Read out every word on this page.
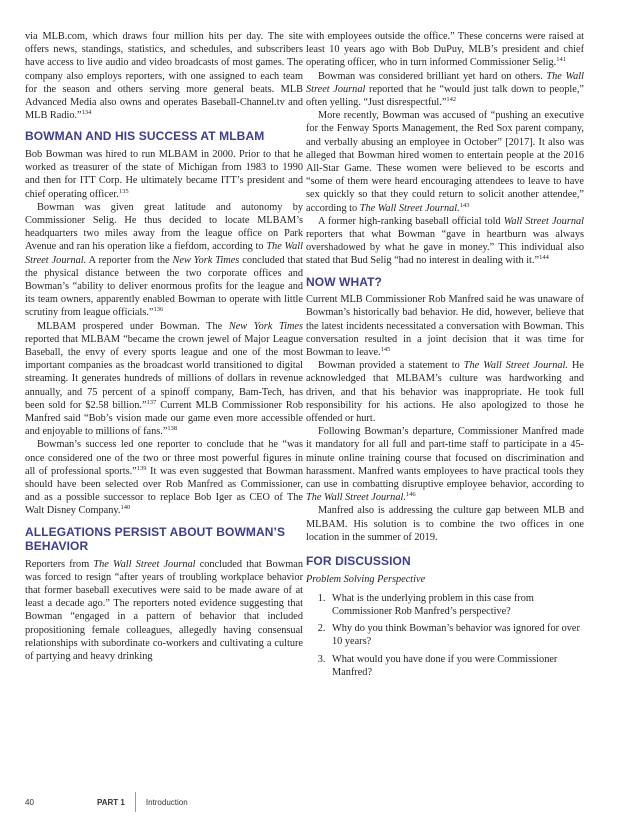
via MLB.com, which draws four million hits per day. The site offers news, standings, statistics, and schedules, and subscribers have access to live audio and video broadcasts of most games. The company also employs reporters, with one assigned to each team for the season and others serving more general beats. MLB Advanced Media also owns and operates Baseball-Channel.tv and MLB Radio.”$^{134}$

BOWMAN AND HIS SUCCESS AT MLBAM

Bob Bowman was hired to run MLBAM in 2000. Prior to that he worked as treasurer of the state of Michigan from 1983 to 1990 and then for ITT Corp. He ultimately became ITT’s president and chief operating officer.$^{135}$

Bowman was given great latitude and autonomy by Commissioner Selig. He thus decided to locate MLBAM’s headquarters two miles away from the league office on Park Avenue and ran his operation like a fiefdom, according to The Wall Street Journal. A reporter from the New York Times concluded that the physical distance between the two corporate offices and Bowman’s “ability to deliver enormous profits for the league and its team owners, apparently enabled Bowman to operate with little scrutiny from league officials.”$^{136}$

MLBAM prospered under Bowman. The New York Times reported that MLBAM “became the crown jewel of Major League Baseball, the envy of every sports league and one of the most important companies as the broadcast world transitioned to digital streaming. It generates hundreds of millions of dollars in revenue annually, and 75 percent of a spinoff company, Bam-Tech, has been sold for $2.58 billion.”$^{137}$ Current MLB Commissioner Rob Manfred said “Bob’s vision made our game even more accessible and enjoyable to millions of fans.”$^{138}$

Bowman’s success led one reporter to conclude that he “was once considered one of the two or three most powerful figures in all of professional sports.”$^{139}$ It was even suggested that Bowman should have been selected over Rob Manfred as Commissioner, and as a possible successor to replace Bob Iger as CEO of The Walt Disney Company.$^{140}$

ALLEGATIONS PERSIST ABOUT BOWMAN’S BEHAVIOR

Reporters from The Wall Street Journal concluded that Bowman was forced to resign “after years of troubling workplace behavior that former baseball executives were said to be made aware of at least a decade ago.” The reporters noted evidence suggesting that Bowman “engaged in a pattern of behavior that included propositioning female colleagues, allegedly having consensual relationships with subordinate co-workers and cultivating a culture of partying and heavy drinking

with employees outside the office.” These concerns were raised at least 10 years ago with Bob DuPuy, MLB’s president and chief operating officer, who in turn informed Commissioner Selig.$^{141}$

Bowman was considered brilliant yet hard on others. The Wall Street Journal reported that he “would just talk down to people,” often yelling. “Just disrespectful.”$^{142}$

More recently, Bowman was accused of “pushing an executive for the Fenway Sports Management, the Red Sox parent company, and verbally abusing an employee in October” [2017]. It also was alleged that Bowman hired women to entertain people at the 2016 All-Star Game. These women were believed to be escorts and “some of them were heard encouraging attendees to leave to have sex quickly so that they could return to solicit another attendee,” according to The Wall Street Journal.$^{143}$

A former high-ranking baseball official told Wall Street Journal reporters that what Bowman “gave in heartburn was always overshadowed by what he gave in money.” This individual also stated that Bud Selig “had no interest in dealing with it.”$^{144}$

NOW WHAT?

Current MLB Commissioner Rob Manfred said he was unaware of Bowman’s historically bad behavior. He did, however, believe that the latest incidents necessitated a conversation with Bowman. This conversation resulted in a joint decision that it was time for Bowman to leave.$^{145}$

Bowman provided a statement to The Wall Street Journal. He acknowledged that MLBAM’s culture was hardworking and driven, and that his behavior was inappropriate. He took full responsibility for his actions. He also apologized to those he offended or hurt.

Following Bowman’s departure, Commissioner Manfred made it mandatory for all full and part-time staff to participate in a 45-minute online training course that focused on discrimination and harassment. Manfred wants employees to have practical tools they can use in combatting disruptive employee behavior, according to The Wall Street Journal.$^{146}$

Manfred also is addressing the culture gap between MLB and MLBAM. His solution is to combine the two offices in one location in the summer of 2019.

FOR DISCUSSION

Problem Solving Perspective

1. What is the underlying problem in this case from Commissioner Rob Manfred’s perspective?
2. Why do you think Bowman’s behavior was ignored for over 10 years?
3. What would you have done if you were Commissioner Manfred?
40	PART 1	Introduction
